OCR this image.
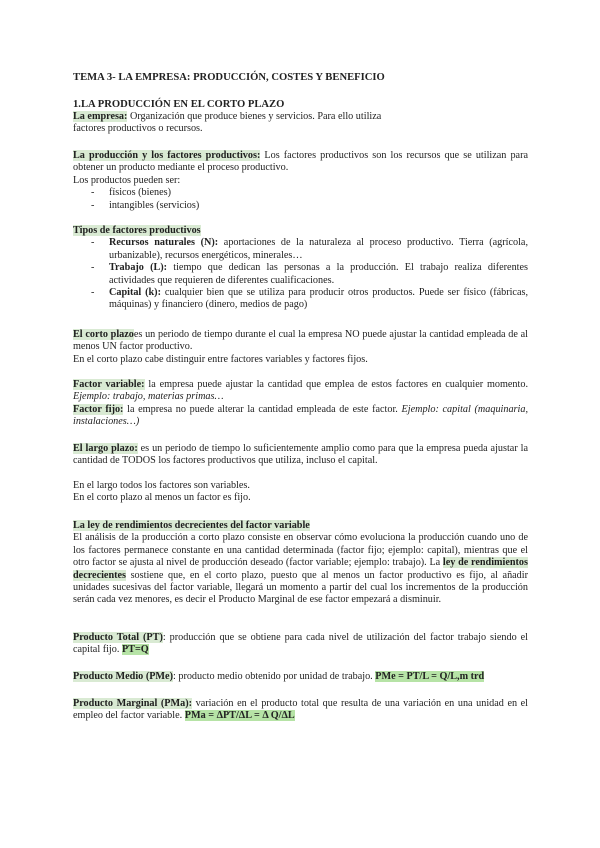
TEMA 3- LA EMPRESA: PRODUCCIÓN, COSTES Y BENEFICIO
1.LA PRODUCCIÓN EN EL CORTO PLAZO
La empresa: Organización que produce bienes y servicios. Para ello utiliza
factores productivos o recursos.
La producción y los factores productivos: Los factores productivos son los recursos que se utilizan para obtener un producto mediante el proceso productivo.
Los productos pueden ser:
- físicos (bienes)
- intangibles (servicios)
Tipos de factores productivos
- Recursos naturales (N): aportaciones de la naturaleza al proceso productivo. Tierra (agrícola, urbanizable), recursos energéticos, minerales…
- Trabajo (L): tiempo que dedican las personas a la producción. El trabajo realiza diferentes actividades que requieren de diferentes cualificaciones.
- Capital (k): cualquier bien que se utiliza para producir otros productos. Puede ser físico (fábricas, máquinas) y financiero (dinero, medios de pago)
El corto plazoes un periodo de tiempo durante el cual la empresa NO puede ajustar la cantidad empleada de al menos UN factor productivo.
En el corto plazo cabe distinguir entre factores variables y factores fijos.
Factor variable: la empresa puede ajustar la cantidad que emplea de estos factores en cualquier momento. Ejemplo: trabajo, materias primas…
Factor fijo: la empresa no puede alterar la cantidad empleada de este factor. Ejemplo: capital (maquinaria, instalaciones…)
El largo plazo: es un periodo de tiempo lo suficientemente amplio como para que la empresa pueda ajustar la cantidad de TODOS los factores productivos que utiliza, incluso el capital.
En el largo todos los factores son variables.
En el corto plazo al menos un factor es fijo.
La ley de rendimientos decrecientes del factor variable
El análisis de la producción a corto plazo consiste en observar cómo evoluciona la producción cuando uno de los factores permanece constante en una cantidad determinada (factor fijo; ejemplo: capital), mientras que el otro factor se ajusta al nivel de producción deseado (factor variable; ejemplo: trabajo). La ley de rendimientos decrecientes sostiene que, en el corto plazo, puesto que al menos un factor productivo es fijo, al añadir unidades sucesivas del factor variable, llegará un momento a partir del cual los incrementos de la producción serán cada vez menores, es decir el Producto Marginal de ese factor empezará a disminuir.
Producto Total (PT): producción que se obtiene para cada nivel de utilización del factor trabajo siendo el capital fijo. PT=Q
Producto Medio (PMe): producto medio obtenido por unidad de trabajo. PMe = PT/L = Q/L,m trd
Producto Marginal (PMa): variación en el producto total que resulta de una variación en una unidad en el empleo del factor variable. PMa = ΔPT/ΔL = Δ Q/ΔL
